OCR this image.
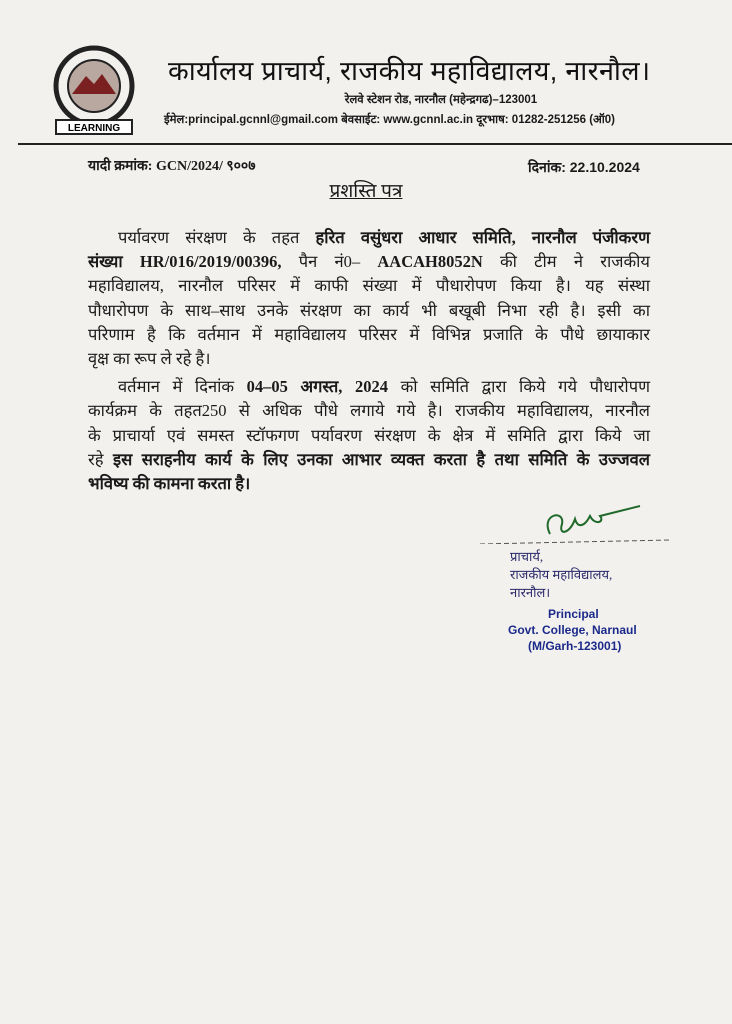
LEARNING
कार्यालय प्राचार्य, राजकीय महाविद्यालय, नारनौल।
रेलवे स्टेशन रोड, नारनौल (महेन्द्रगढ)–123001
ईमेल:principal.gcnnl@gmail.com बेवसाईट: www.gcnnl.ac.in दूरभाष: 01282-251256 (ऑ0)
यादी क्रमांक: GCN/2024/ ९००७	दिनांक: 22.10.2024
प्रशस्ति पत्र
पर्यावरण संरक्षण के तहत हरित वसुंधरा आधार समिति, नारनौल पंजीकरण
संख्या HR/016/2019/00396, पैन नं0– AACAH8052N की टीम ने राजकीय
महाविद्यालय, नारनौल परिसर में काफी संख्या में पौधारोपण किया है। यह संस्था
पौधारोपण के साथ–साथ उनके संरक्षण का कार्य भी बखूबी निभा रही है। इसी का
परिणाम है कि वर्तमान में महाविद्यालय परिसर में विभिन्न प्रजाति के पौधे छायाकार
वृक्ष का रूप ले रहे है।
वर्तमान में दिनांक 04–05 अगस्त, 2024 को समिति द्वारा किये गये पौधारोपण
कार्यक्रम के तहत250 से अधिक पौधे लगाये गये है। राजकीय महाविद्यालय, नारनौल
के प्राचार्या एवं समस्त स्टॉफगण पर्यावरण संरक्षण के क्षेत्र में समिति द्वारा किये जा
रहे इस सराहनीय कार्य के लिए उनका आभार व्यक्त करता है तथा समिति के उज्जवल
भविष्य की कामना करता है।
प्राचार्य,
राजकीय महाविद्यालय,
नारनौल।
Principal
Govt. College, Narnaul
(M/Garh-123001)
